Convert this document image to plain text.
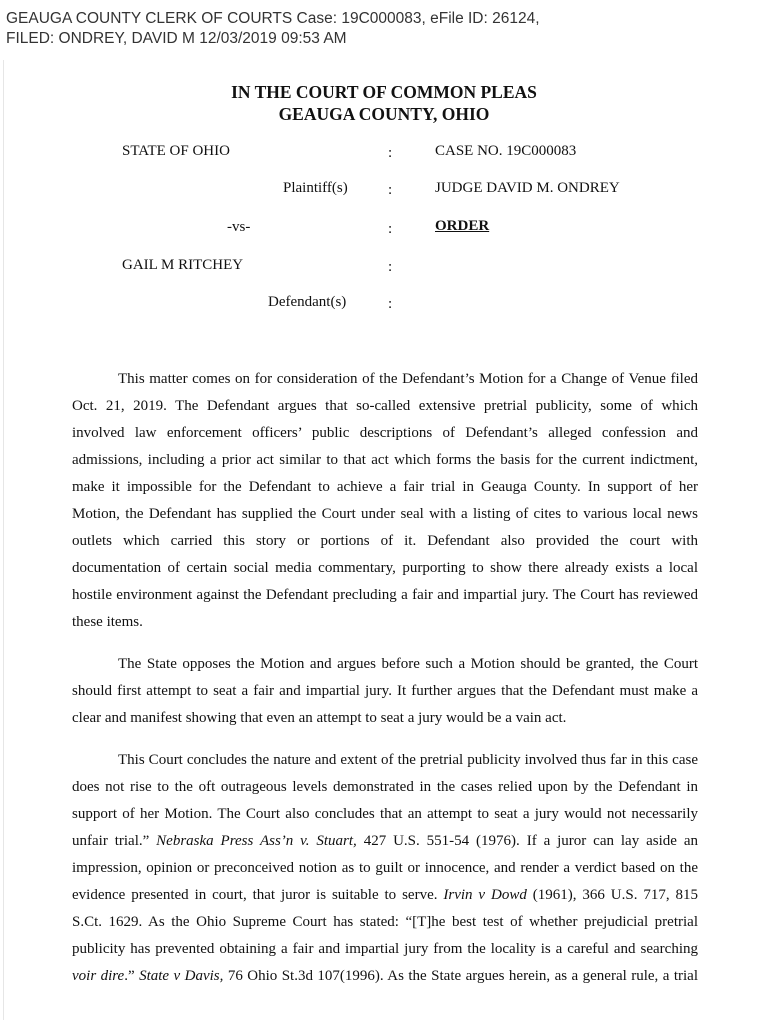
GEAUGA COUNTY CLERK OF COURTS Case: 19C000083, eFile ID: 26124,
FILED: ONDREY, DAVID M 12/03/2019 09:53 AM
IN THE COURT OF COMMON PLEAS
GEAUGA COUNTY, OHIO
STATE OF OHIO	:	CASE NO. 19C000083
Plaintiff(s)	:	JUDGE DAVID M. ONDREY
-vs-	:	ORDER
GAIL M RITCHEY	:
Defendant(s)	:
This matter comes on for consideration of the Defendant’s Motion for a Change of Venue filed
Oct. 21, 2019. The Defendant argues that so-called extensive pretrial publicity, some of which
involved law enforcement officers’ public descriptions of Defendant’s alleged confession and
admissions, including a prior act similar to that act which forms the basis for the current indictment,
make it impossible for the Defendant to achieve a fair trial in Geauga County. In support of her
Motion, the Defendant has supplied the Court under seal with a listing of cites to various local news
outlets which carried this story or portions of it. Defendant also provided the court with
documentation of certain social media commentary, purporting to show there already exists a local
hostile environment against the Defendant precluding a fair and impartial jury. The Court has reviewed
these items.
The State opposes the Motion and argues before such a Motion should be granted, the Court
should first attempt to seat a fair and impartial jury. It further argues that the Defendant must make a
clear and manifest showing that even an attempt to seat a jury would be a vain act.
This Court concludes the nature and extent of the pretrial publicity involved thus far in this case
does not rise to the oft outrageous levels demonstrated in the cases relied upon by the Defendant in
support of her Motion. The Court also concludes that an attempt to seat a jury would not necessarily
unfair trial.” Nebraska Press Ass’n v. Stuart, 427 U.S. 551-54 (1976). If a juror can lay aside an
impression, opinion or preconceived notion as to guilt or innocence, and render a verdict based on the
evidence presented in court, that juror is suitable to serve. Irvin v Dowd (1961), 366 U.S. 717, 815
S.Ct. 1629. As the Ohio Supreme Court has stated: “[T]he best test of whether prejudicial pretrial
publicity has prevented obtaining a fair and impartial jury from the locality is a careful and searching
voir dire.” State v Davis, 76 Ohio St.3d 107(1996). As the State argues herein, as a general rule, a trial
